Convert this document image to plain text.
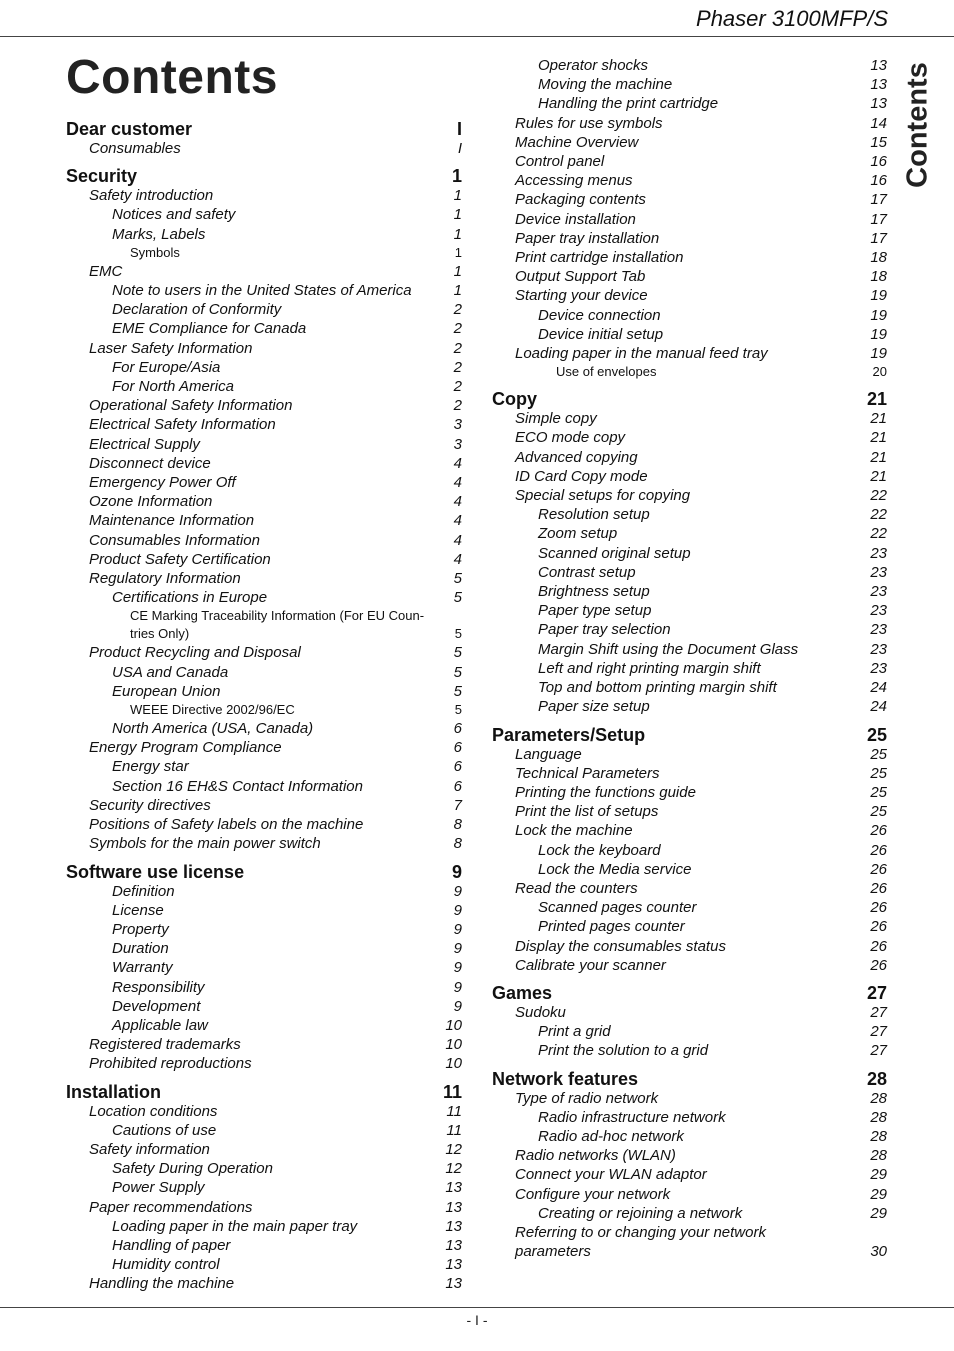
Phaser 3100MFP/S
Contents	Contents
Dear customer	I
Consumables	I
Security	1
Safety introduction	1
Notices and safety	1
Marks, Labels	1
Symbols	1
EMC	1
Note to users in the United States of America	1
Declaration of Conformity	2
EME Compliance for Canada	2
Laser Safety Information	2
For Europe/Asia	2
For North America	2
Operational Safety Information	2
Electrical Safety Information	3
Electrical Supply	3
Disconnect device	4
Emergency Power Off	4
Ozone Information	4
Maintenance Information	4
Consumables Information	4
Product Safety Certification	4
Regulatory Information	5
Certifications in Europe	5
CE Marking Traceability Information (For EU Coun-
tries Only)	5
Product Recycling and Disposal	5
USA and Canada	5
European Union	5
WEEE Directive 2002/96/EC	5
North America (USA, Canada)	6
Energy Program Compliance	6
Energy star	6
Section 16 EH&S Contact Information	6
Security directives	7
Positions of Safety labels on the machine	8
Symbols for the main power switch	8
Software use license	9
Definition	9
License	9
Property	9
Duration	9
Warranty	9
Responsibility	9
Development	9
Applicable law	10
Registered trademarks	10
Prohibited reproductions	10
Installation	11
Location conditions	11
Cautions of use	11
Safety information	12
Safety During Operation	12
Power Supply	13
Paper recommendations	13
Loading paper in the main paper tray	13
Handling of paper	13
Humidity control	13
Handling the machine	13
Operator shocks	13
Moving the machine	13
Handling the print cartridge	13
Rules for use symbols	14
Machine Overview	15
Control panel	16
Accessing menus	16
Packaging contents	17
Device installation	17
Paper tray installation	17
Print cartridge installation	18
Output Support Tab	18
Starting your device	19
Device connection	19
Device initial setup	19
Loading paper in the manual feed tray	19
Use of envelopes	20
Copy	21
Simple copy	21
ECO mode copy	21
Advanced copying	21
ID Card Copy mode	21
Special setups for copying	22
Resolution setup	22
Zoom setup	22
Scanned original setup	23
Contrast setup	23
Brightness setup	23
Paper type setup	23
Paper tray selection	23
Margin Shift using the Document Glass	23
Left and right printing margin shift	23
Top and bottom printing margin shift	24
Paper size setup	24
Parameters/Setup	25
Language	25
Technical Parameters	25
Printing the functions guide	25
Print the list of setups	25
Lock the machine	26
Lock the keyboard	26
Lock the Media service	26
Read the counters	26
Scanned pages counter	26
Printed pages counter	26
Display the consumables status	26
Calibrate your scanner	26
Games	27
Sudoku	27
Print a grid	27
Print the solution to a grid	27
Network features	28
Type of radio network	28
Radio infrastructure network	28
Radio ad-hoc network	28
Radio networks (WLAN)	28
Connect your WLAN adaptor	29
Configure your network	29
Creating or rejoining a network	29
Referring to or changing your network parameters	30
- I -
